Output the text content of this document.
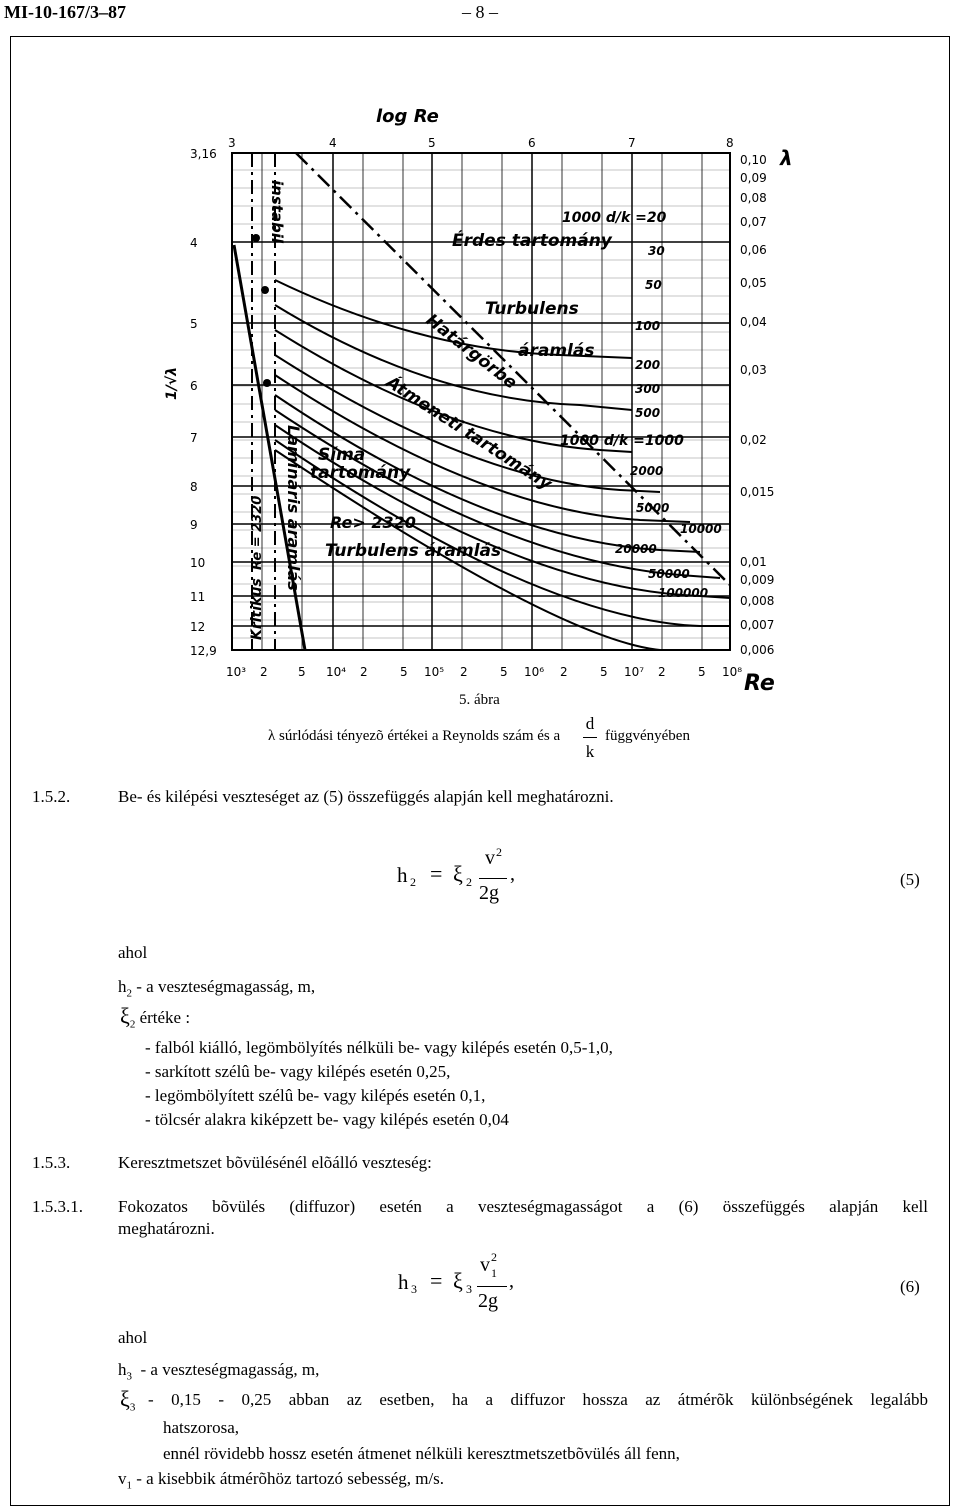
MI-10-167/3–87	– 8 –
log Re
1/√λ
λ
Re
3,16
4
5
6
7
8
9
10
11
12
12,9
3	4	5	6	7	8
0,10
0,09
0,08
0,07
0,06
0,05
0,04
0,03
0,02
0,015
0,01
0,009
0,008
0,007
0,006
10³ 2	5 10⁴ 2	5 10⁵ 2	5 10⁶ 2	5 10⁷ 2	5 10⁸
30
50
100
200
300
500
2000
5000
10000
20000
50000
100000
1000 d/k =20
Érdes tartomány
Turbulens
áramlás
Határgörbe
Átmeneti tartomány 1000 d/k =1000
Síma
tartomány
Re> 2320
Turbulens áramlás
Lamináris áramlás
instabil
Kritikus
Re = 2320
5. ábra
λ súrlódási tényezõ értékei a Reynolds szám és a
d
k
függvényében
1.5.2.	Be- és kilépési veszteséget az (5) összefüggés alapján kell meghatározni.
h 2 = ξ 2
v 2
2g
,	(5)
ahol
$h_2$ - a veszteségmagasság, m,
$\xi_2$ értéke :
- falból kiálló, legömbölyítés nélküli be- vagy kilépés esetén 0,5-1,0,
- sarkított szélû be- vagy kilépés esetén 0,25,
- legömbölyített szélû be- vagy kilépés esetén 0,1,
- tölcsér alakra kiképzett be- vagy kilépés esetén 0,04
1.5.3.	Keresztmetszet bõvülésénél elõálló veszteség:
1.5.3.1. Fokozatos bõvülés (diffuzor) esetén a veszteségmagasságot a (6) összefüggés alapján kell
meghatározni.
h 3 = ξ 3
v 1
2
2g
,	(6)
ahol
$h_3$ - a veszteségmagasság, m,
$\xi_3 - 0,15 - 0,25$ abban az esetben, ha a diffuzor hossza az átmérõk különbségének legalább
hatszorosa,
ennél rövidebb hossz esetén átmenet nélküli keresztmetszetbõvülés áll fenn,
$v_1$ - a kisebbik átmérõhöz tartozó sebesség, m/s.
